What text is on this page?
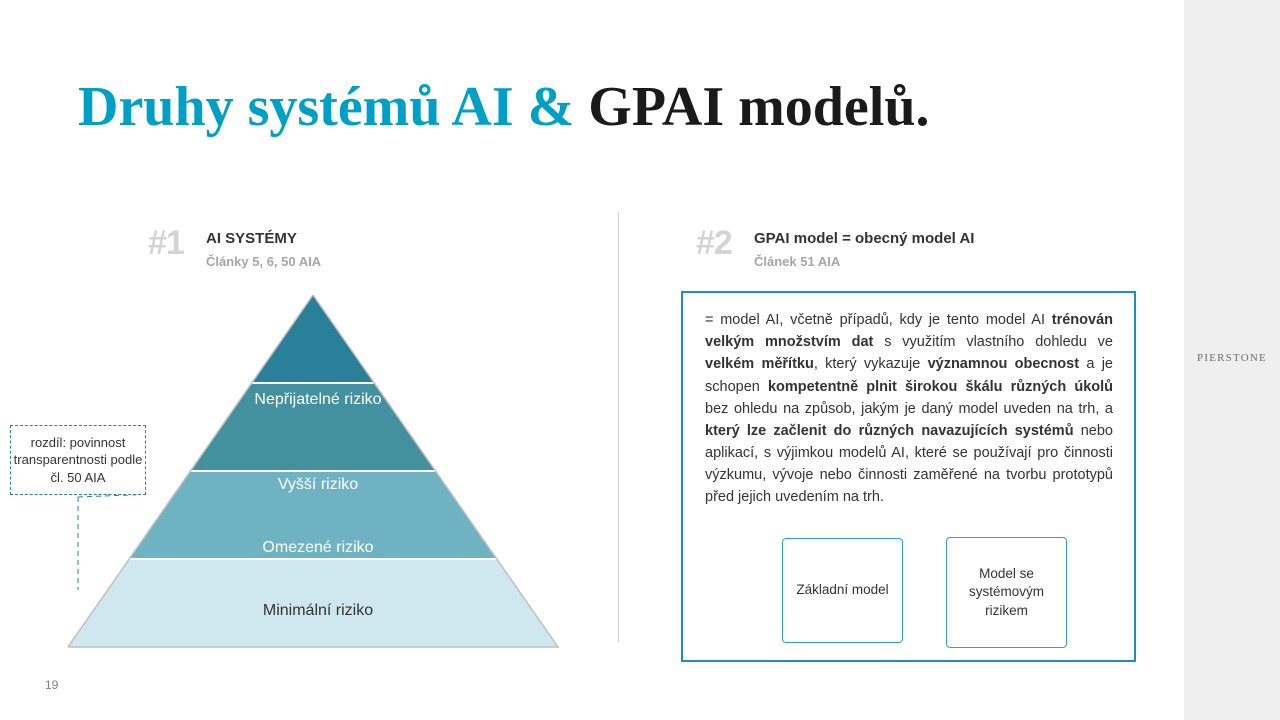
PIERSTONE
Druhy systémů AI & GPAI modelů.
#1 AI SYSTÉMY
Články 5, 6, 50 AIA
Nepřijatelné riziko
Vyšší riziko
Omezené riziko
Minimální riziko
rozdíl: povinnost transparentnosti podle čl. 50 AIA
#2 GPAI model = obecný model AI
Článek 51 AIA
= model AI, včetně případů, kdy je tento model AI trénován velkým množstvím dat s využitím vlastního dohledu ve velkém měřítku, který vykazuje významnou obecnost a je schopen kompetentně plnit širokou škálu různých úkolů bez ohledu na způsob, jakým je daný model uveden na trh, a který lze začlenit do různých navazujících systémů nebo aplikací, s výjimkou modelů AI, které se používají pro činnosti výzkumu, vývoje nebo činnosti zaměřené na tvorbu prototypů před jejich uvedením na trh.
Základní model
Model se systémovým rizikem
19
